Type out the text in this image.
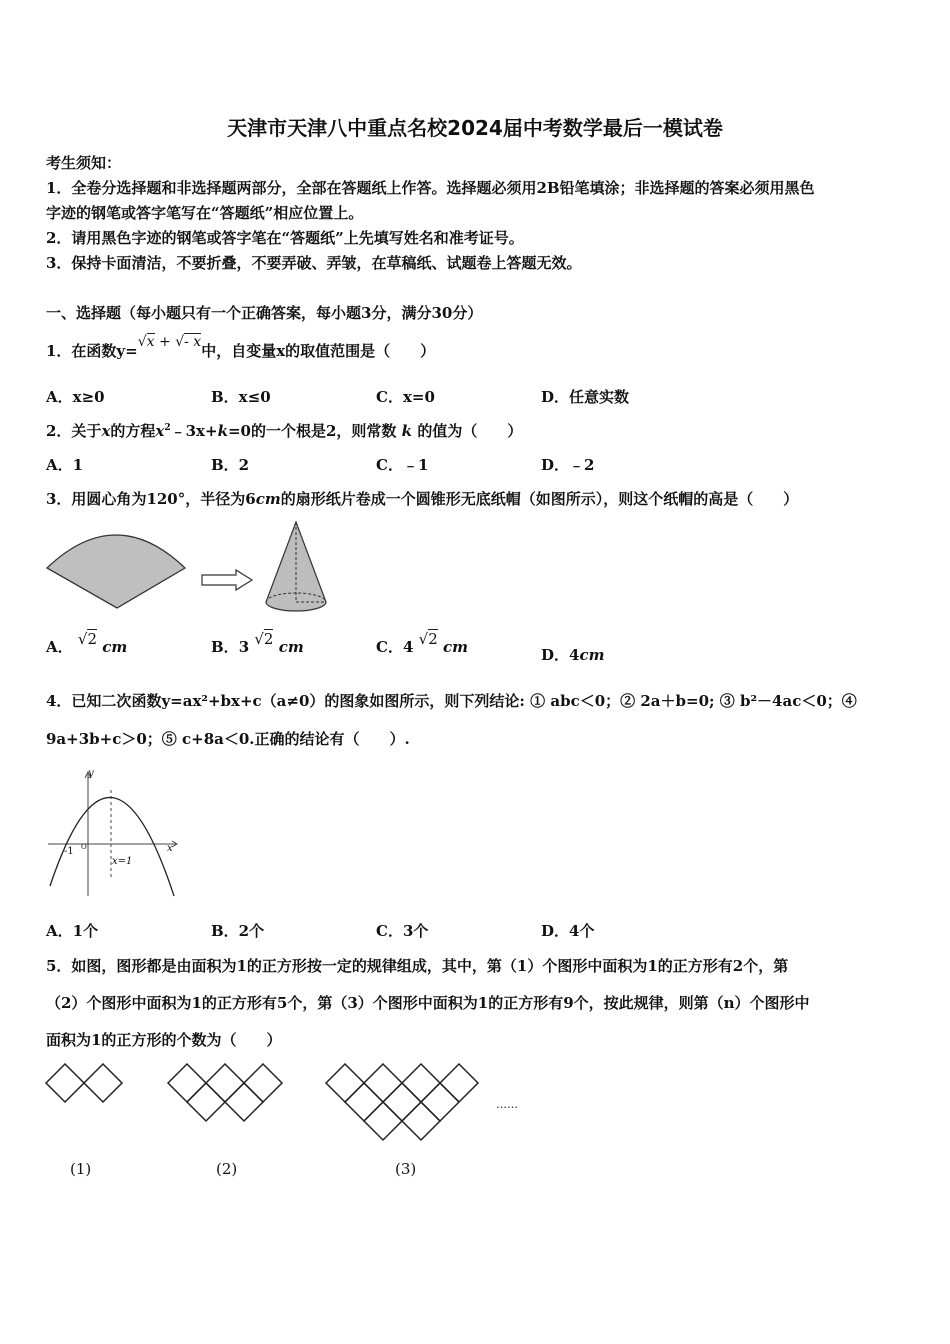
天津市天津八中重点名校2024届中考数学最后一模试卷
考生须知：
1．全卷分选择题和非选择题两部分，全部在答题纸上作答。选择题必须用2B铅笔填涂；非选择题的答案必须用黑色
字迹的钢笔或答字笔写在“答题纸”相应位置上。
2．请用黑色字迹的钢笔或答字笔在“答题纸”上先填写姓名和准考证号。
3．保持卡面清洁，不要折叠，不要弄破、弄皱，在草稿纸、试题卷上答题无效。
一、选择题（每小题只有一个正确答案，每小题3分，满分30分）
1．在函数y=√x + √- x中，自变量x的取值范围是（　　）
A．x≥0	B．x≤0	C．x=0	D．任意实数
2．关于x的方程$x^2﹣3x+k=0$的一个根是2，则常数 k 的值为（　　）
A．1	B．2	C．﹣1	D．﹣2
3．用圆心角为120°，半径为6cm的扇形纸片卷成一个圆锥形无底纸帽（如图所示），则这个纸帽的高是（　　）
A． √2 cm	B．3 √2 cm	C．4 √2 cm	D．4cm
4．已知二次函数y=ax²+bx+c（a≠0）的图象如图所示，则下列结论: ① abc＜0；② 2a＋b=0; ③ b²－4ac＜0；④
9a+3b+c＞0；⑤ c+8a＜0.正确的结论有（　　）.
y
x
-1 O
x=1
A．1个	B．2个	C．3个	D．4个
5．如图，图形都是由面积为1的正方形按一定的规律组成，其中，第（1）个图形中面积为1的正方形有2个，第
（2）个图形中面积为1的正方形有5个，第（3）个图形中面积为1的正方形有9个，按此规律，则第（n）个图形中
面积为1的正方形的个数为（　　）
……
(1)	(2)	(3)
